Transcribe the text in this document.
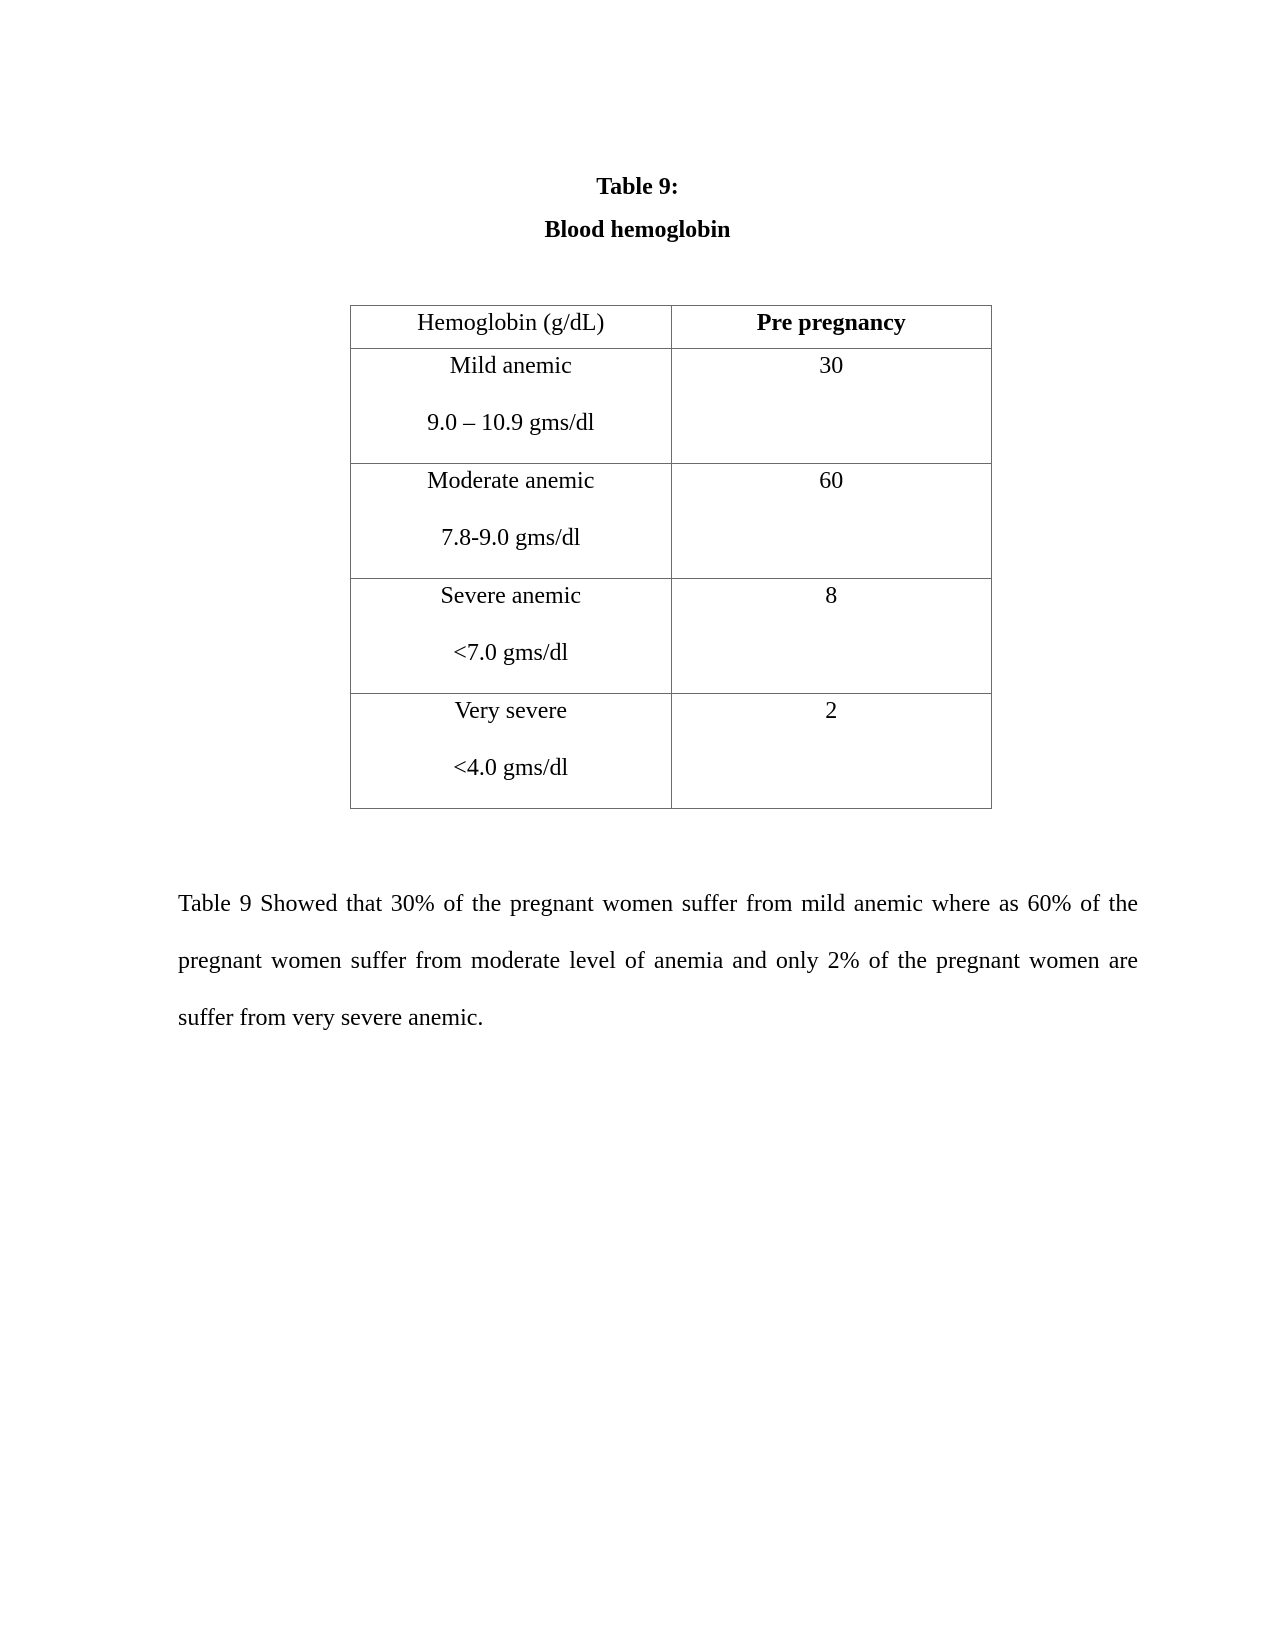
Table 9:
Blood hemoglobin
Hemoglobin (g/dL)	Pre pregnancy

Mild anemic
9.0 – 10.9 gms/dl	30

Moderate anemic
7.8-9.0 gms/dl	60

Severe anemic
<7.0 gms/dl	8

Very severe
<4.0 gms/dl	2

Table 9 Showed that 30% of the pregnant women suffer from mild anemic where as 60% of the pregnant women suffer from moderate level of anemia and only 2% of the pregnant women are suffer from very severe anemic.
